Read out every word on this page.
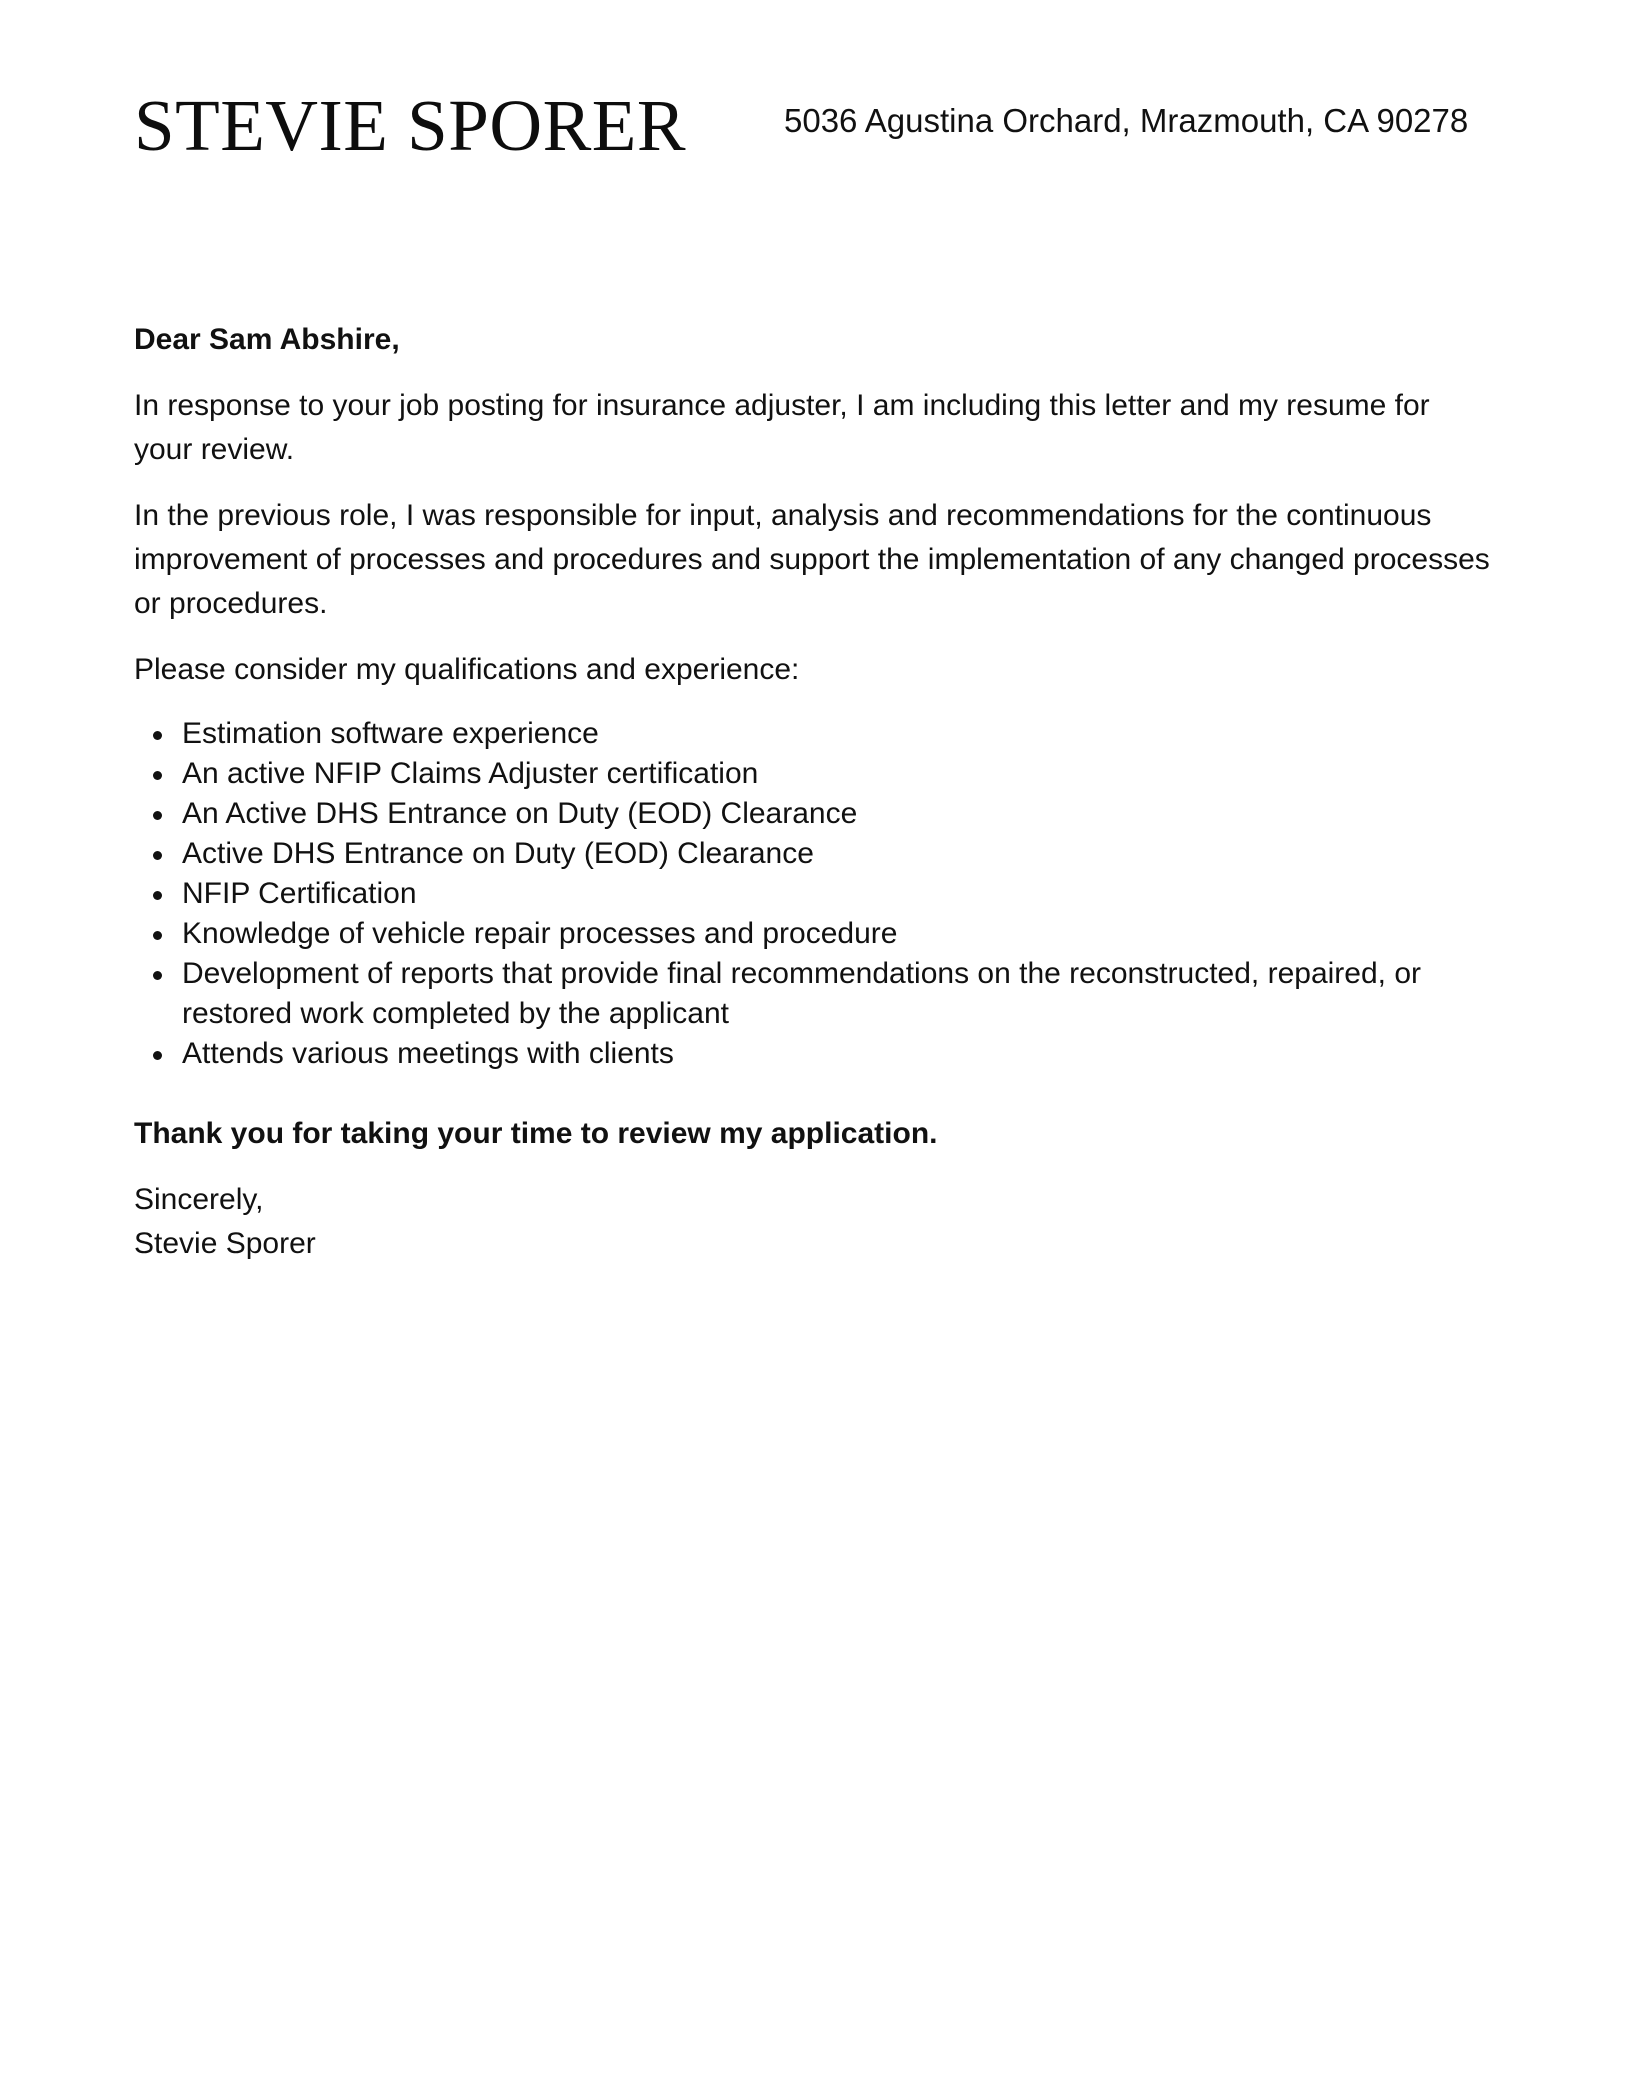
STEVIE SPORER	5036 Agustina Orchard, Mrazmouth, CA 90278

Dear Sam Abshire,

In response to your job posting for insurance adjuster, I am including this letter and my resume for your review.

In the previous role, I was responsible for input, analysis and recommendations for the continuous improvement of processes and procedures and support the implementation of any changed processes or procedures.

Please consider my qualifications and experience:

Estimation software experience
An active NFIP Claims Adjuster certification
An Active DHS Entrance on Duty (EOD) Clearance
Active DHS Entrance on Duty (EOD) Clearance
NFIP Certification
Knowledge of vehicle repair processes and procedure
Development of reports that provide final recommendations on the reconstructed, repaired, or restored work completed by the applicant
Attends various meetings with clients

Thank you for taking your time to review my application.

Sincerely,
Stevie Sporer
